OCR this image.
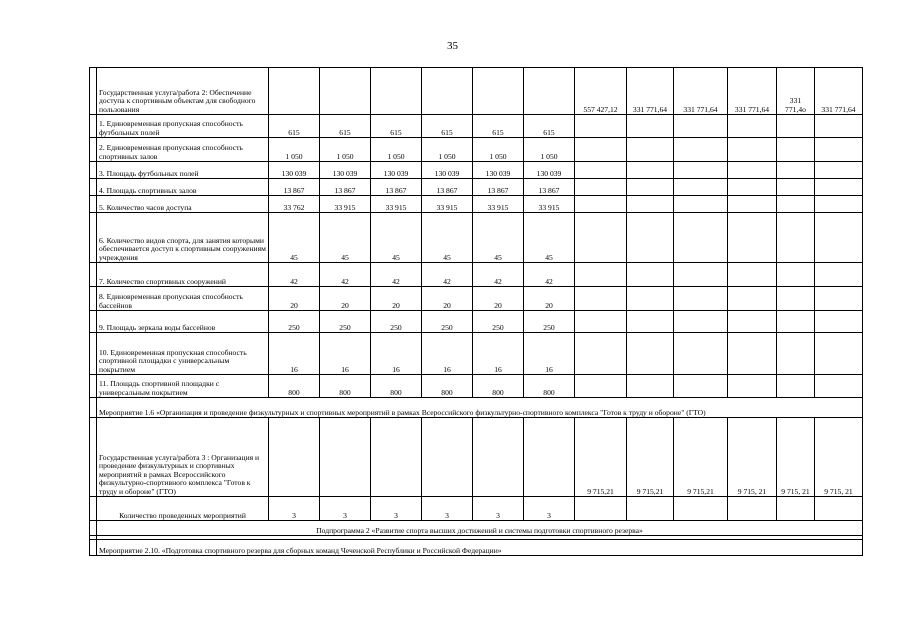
35
	Государственная услуга/работа 2: Обеспечение доступа к спортивным объектам для свободного пользования							557 427,12	331 771,64	331 771,64	331 771,64	331 771,4о	331 771,64
	1. Единовременная пропускная способность футбольных полей	615	615	615	615	615	615						
	2. Единовременная пропускная способность спортивных залов	1 050	1 050	1 050	1 050	1 050	1 050						
	3. Площадь футбольных полей	130 039	130 039	130 039	130 039	130 039	130 039						
	4. Площадь спортивных залов	13 867	13 867	13 867	13 867	13 867	13 867						
	5. Количество часов доступа	33 762	33 915	33 915	33 915	33 915	33 915						
	6. Количество видов спорта, для занятия которыми обеспечивается доступ к спортивным сооружениям учреждения	45	45	45	45	45	45						
	7. Количество спортивных сооружений	42	42	42	42	42	42						
	8. Единовременная пропускная способность бассейнов	20	20	20	20	20	20						
	9. Площадь зеркала воды бассейнов	250	250	250	250	250	250						
	10. Единовременная пропускная способность спортивной площадки с универсальным покрытием	16	16	16	16	16	16						
	11. Площадь спортивной площадки с универсальным покрытием	800	800	800	800	800	800						
	Мероприятие 1.6 «Организация и проведение физкультурных и спортивных мероприятий в рамках Всероссийского физкультурно-спортивного комплекса "Готов к труду и обороне" (ГТО)												
	Государственная услуга/работа 3 : Организация и проведение физкультурных и спортивных мероприятий в рамках Всероссийского физкультурно-спортивного комплекса "Готов к труду и обороне" (ГТО)							9 715,21	9 715,21	9 715,21	9 715, 21	9 715, 21	9 715, 21
	Количество проведенных мероприятий	3	3	3	3	3	3						
	Подпрограмма 2 «Развитие спорта высших достижений и системы подготовки спортивного резерва»												

	Мероприятие 2.10. «Подготовка спортивного резерва для сборных команд Чеченской Республики и Российской Федерации»												
